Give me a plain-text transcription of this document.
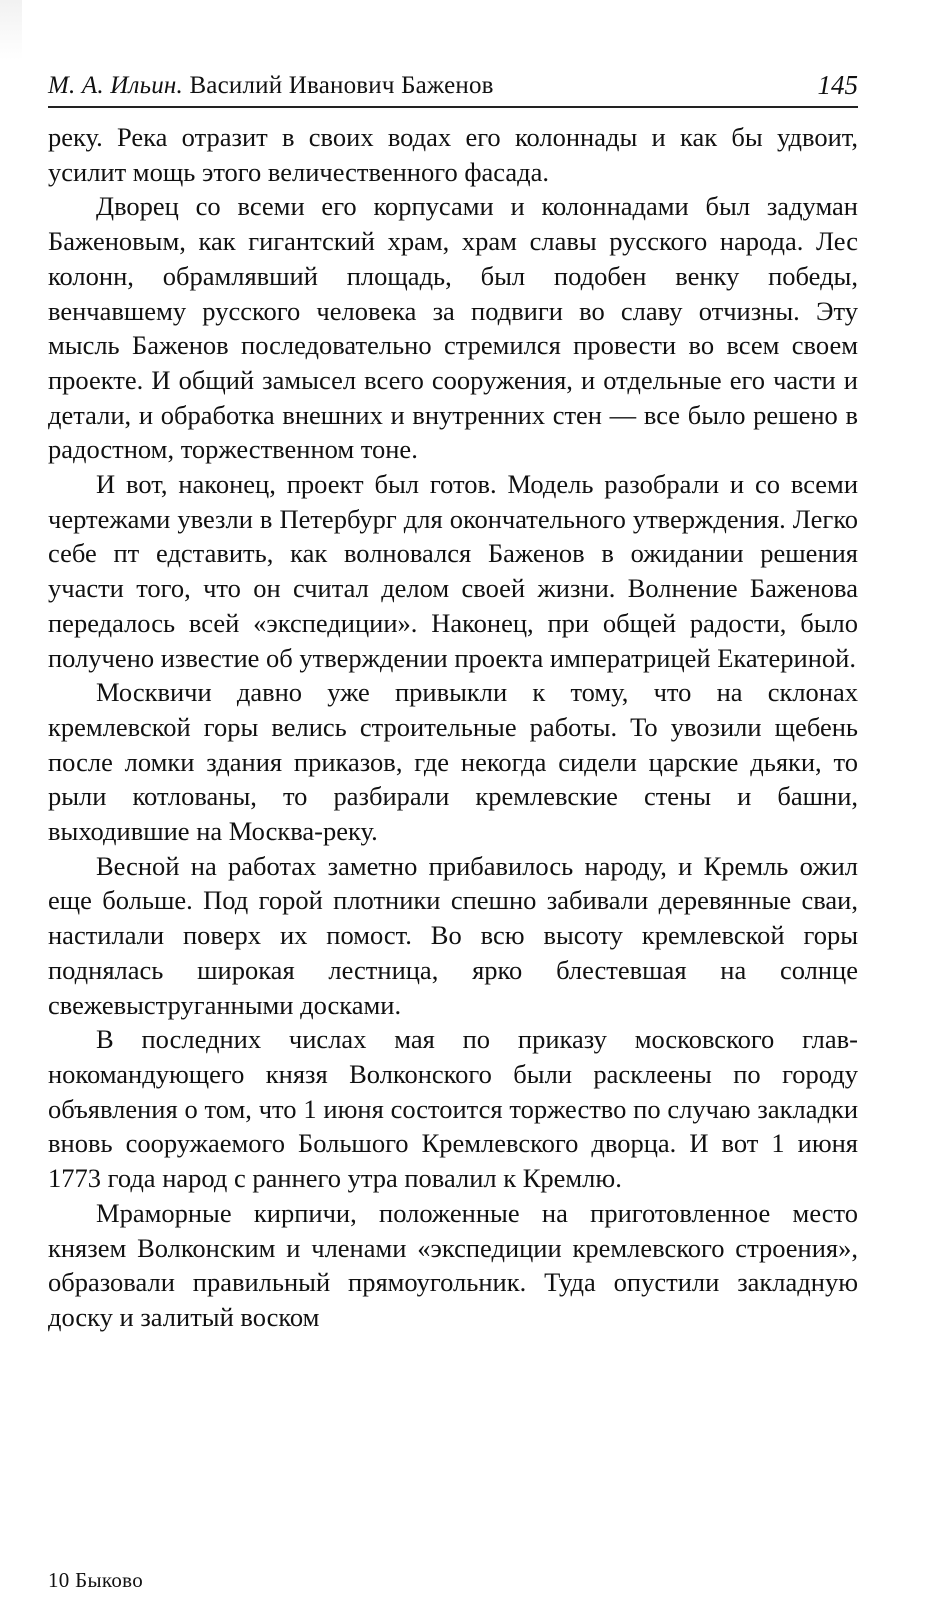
М. А. Ильин. Василий Иванович Баженов	145

реку. Река отразит в своих водах его колоннады и как бы удвоит, усилит мощь этого величественного фасада.

Дворец со всеми его корпусами и колоннадами был задуман Баженовым, как гигантский храм, храм славы русского народа. Лес колонн, обрамлявший площадь, был подобен венку победы, венчавшему русского человека за подвиги во славу отчизны. Эту мысль Баженов последовательно стремился провести во всем своем проекте. И общий замысел всего сооружения, и отдельные его части и детали, и обработка внешних и внутренних стен — все было решено в радостном, торжественном тоне.

И вот, наконец, проект был готов. Модель разобрали и со всеми чертежами увезли в Петербург для окончательного утверждения. Легко себе пт едставить, как волновался Баженов в ожидании решения участи того, что он считал делом своей жизни. Волнение Баженова передалось всей «экспедиции». Наконец, при общей радости, было получено известие об утверждении проекта императрицей Екатериной.

Москвичи давно уже привыкли к тому, что на склонах кремлевской горы велись строительные работы. То увозили щебень после ломки здания приказов, где некогда сидели царские дьяки, то рыли котлованы, то разбирали кремлевские стены и башни, выходившие на Москва-реку.

Весной на работах заметно прибавилось народу, и Кремль ожил еще больше. Под горой плотники спешно забивали деревянные сваи, настилали поверх их помост. Во всю высоту кремлевской горы поднялась широкая лестница, ярко блестевшая на солнце свежевыструганными досками.

В последних числах мая по приказу московского главнокомандующего князя Волконского были расклеены по городу объявления о том, что 1 июня состоится торжество по случаю закладки вновь сооружаемого Большого Кремлевского дворца. И вот 1 июня 1773 года народ с раннего утра повалил к Кремлю.

Мраморные кирпичи, положенные на приготовленное место князем Волконским и членами «экспедиции кремлевского строения», образовали правильный прямоугольник. Туда опустили закладную доску и залитый воском

10 Быково
